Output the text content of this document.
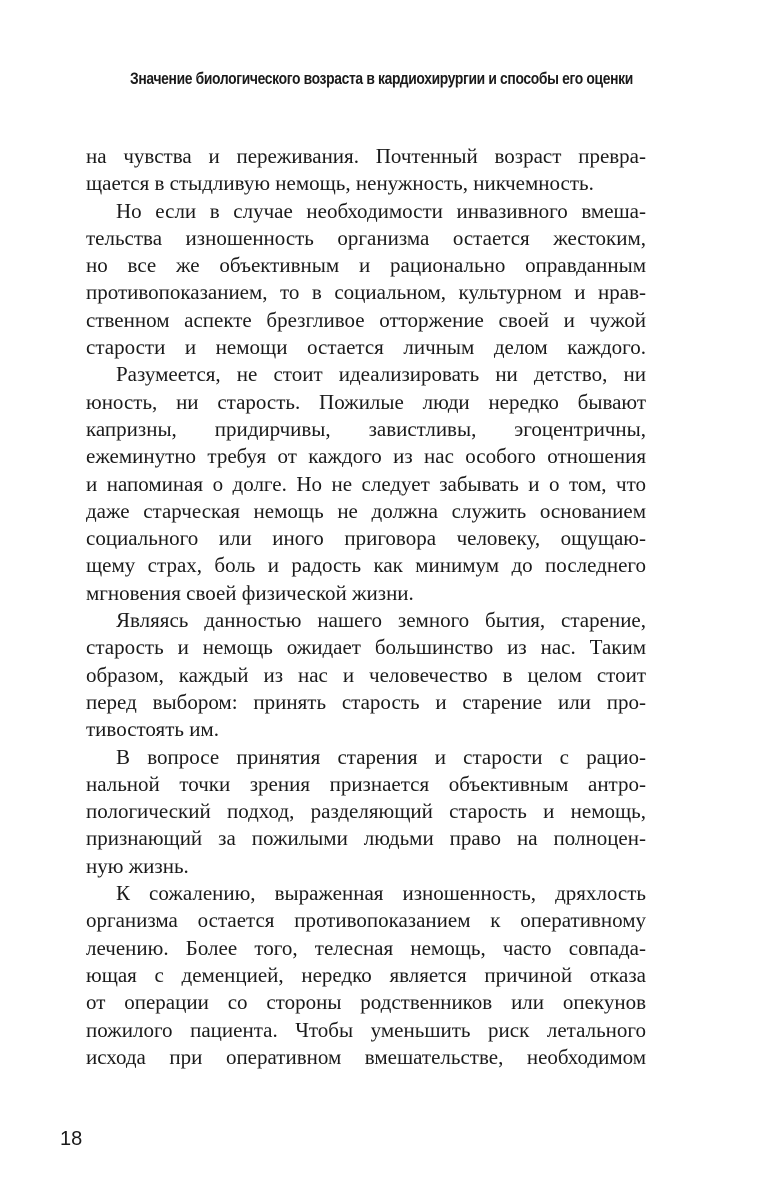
Значение биологического возраста в кардиохирургии и способы его оценки
на чувства и переживания. Почтенный возраст превра-
щается в стыдливую немощь, ненужность, никчемность.
Но если в случае необходимости инвазивного вмеша-
тельства изношенность организма остается жестоким,
но все же объективным и рационально оправданным
противопоказанием, то в социальном, культурном и нрав-
ственном аспекте брезгливое отторжение своей и чужой
старости и немощи остается личным делом каждого.
Разумеется, не стоит идеализировать ни детство, ни
юность, ни старость. Пожилые люди нередко бывают
капризны, придирчивы, завистливы, эгоцентричны,
ежеминутно требуя от каждого из нас особого отношения
и напоминая о долге. Но не следует забывать и о том, что
даже старческая немощь не должна служить основанием
социального или иного приговора человеку, ощущаю-
щему страх, боль и радость как минимум до последнего
мгновения своей физической жизни.
Являясь данностью нашего земного бытия, старение,
старость и немощь ожидает большинство из нас. Таким
образом, каждый из нас и человечество в целом стоит
перед выбором: принять старость и старение или про-
тивостоять им.
В вопросе принятия старения и старости с рацио-
нальной точки зрения признается объективным антро-
пологический подход, разделяющий старость и немощь,
признающий за пожилыми людьми право на полноцен-
ную жизнь.
К сожалению, выраженная изношенность, дряхлость
организма остается противопоказанием к оперативному
лечению. Более того, телесная немощь, часто совпада-
ющая с деменцией, нередко является причиной отказа
от операции со стороны родственников или опекунов
пожилого пациента. Чтобы уменьшить риск летального
исхода при оперативном вмешательстве, необходимом
18
